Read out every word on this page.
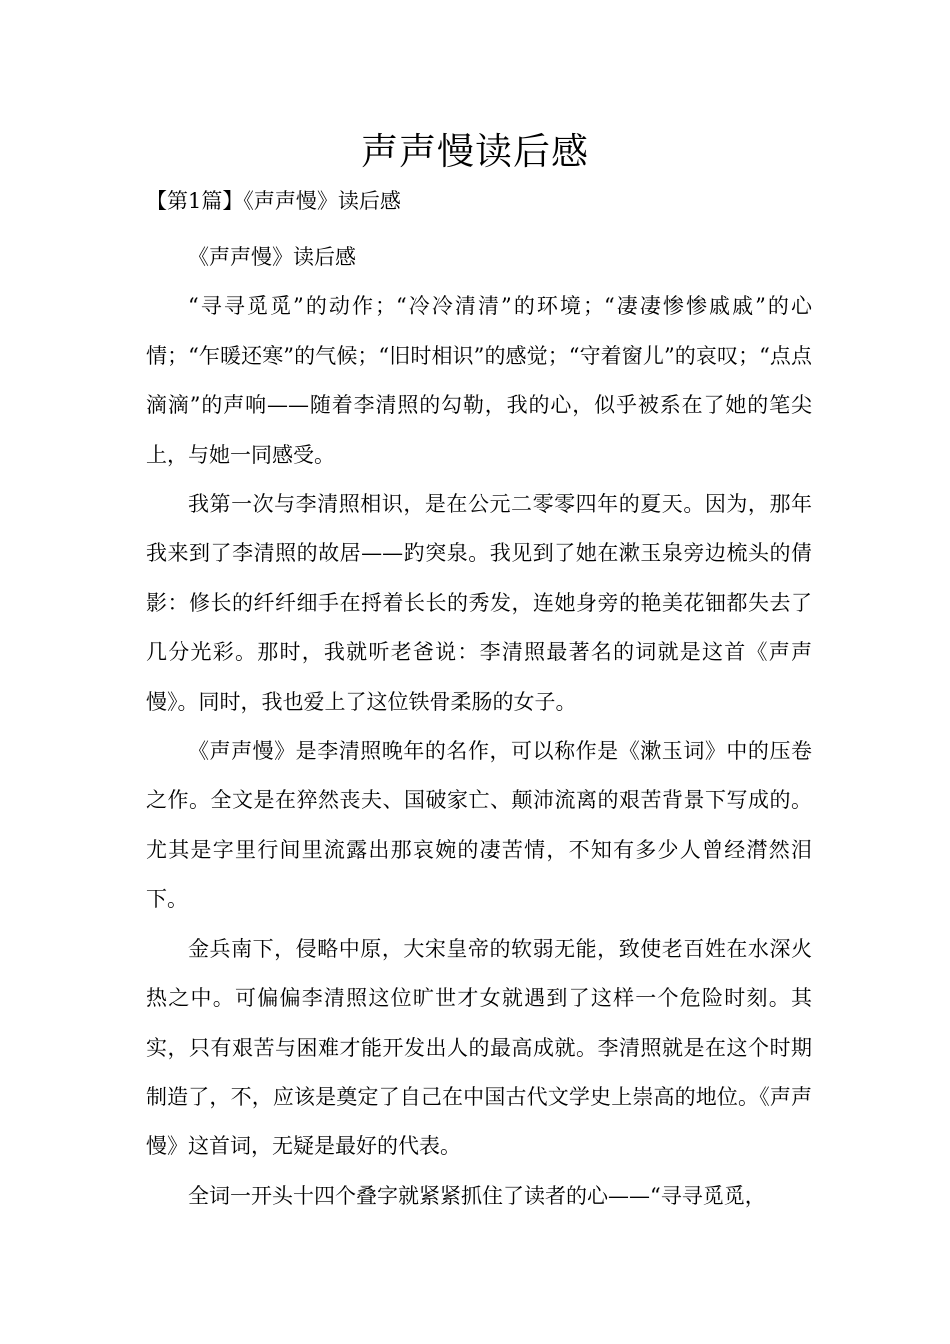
声声慢读后感
【第1篇】《声声慢》读后感

《声声慢》读后感

“寻寻觅觅”的动作；“冷冷清清”的环境；“凄凄惨惨戚戚”的心情；“乍暖还寒”的气候；“旧时相识”的感觉；“守着窗儿”的哀叹；“点点滴滴”的声响——随着李清照的勾勒，我的心，似乎被系在了她的笔尖上，与她一同感受。

我第一次与李清照相识，是在公元二零零四年的夏天。因为，那年我来到了李清照的故居——趵突泉。我见到了她在漱玉泉旁边梳头的倩影：修长的纤纤细手在捋着长长的秀发，连她身旁的艳美花钿都失去了几分光彩。那时，我就听老爸说：李清照最著名的词就是这首《声声慢》。同时，我也爱上了这位铁骨柔肠的女子。

《声声慢》是李清照晚年的名作，可以称作是《漱玉词》中的压卷之作。全文是在猝然丧夫、国破家亡、颠沛流离的艰苦背景下写成的。尤其是字里行间里流露出那哀婉的凄苦情，不知有多少人曾经潸然泪下。

金兵南下，侵略中原，大宋皇帝的软弱无能，致使老百姓在水深火热之中。可偏偏李清照这位旷世才女就遇到了这样一个危险时刻。其实，只有艰苦与困难才能开发出人的最高成就。李清照就是在这个时期制造了，不，应该是奠定了自己在中国古代文学史上崇高的地位。《声声慢》这首词，无疑是最好的代表。

全词一开头十四个叠字就紧紧抓住了读者的心——“寻寻觅觅，
